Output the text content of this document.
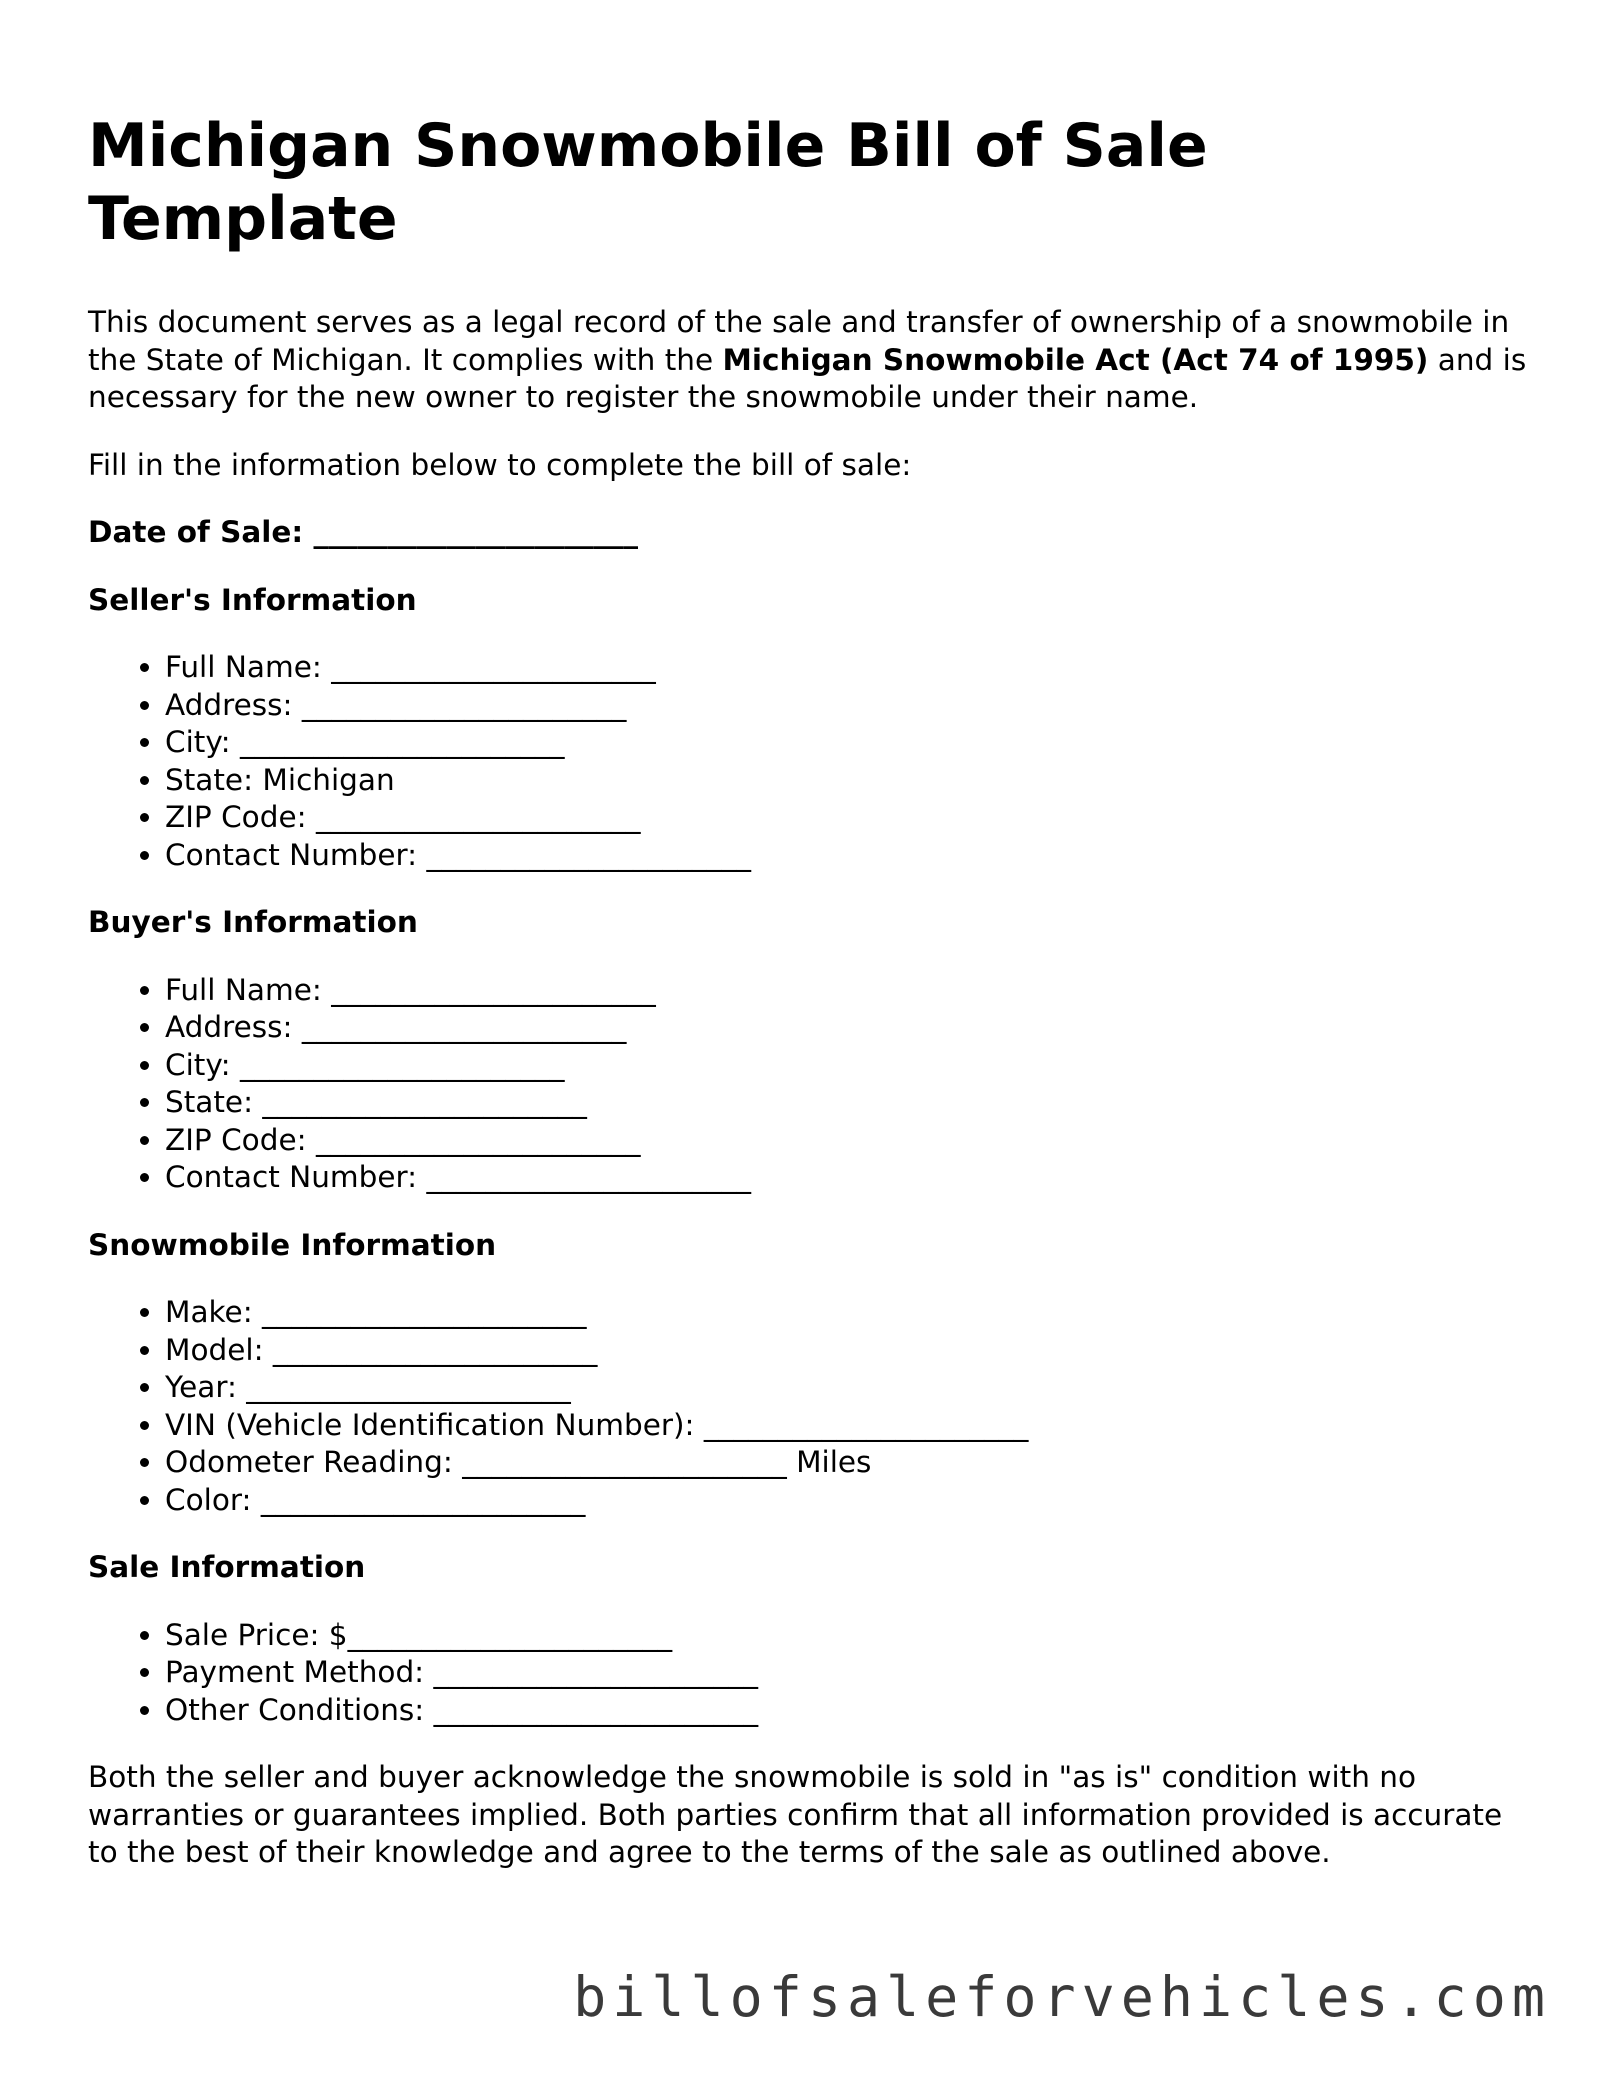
Michigan Snowmobile Bill of Sale Template

This document serves as a legal record of the sale and transfer of ownership of a snowmobile in the State of Michigan. It complies with the Michigan Snowmobile Act (Act 74 of 1995) and is necessary for the new owner to register the snowmobile under their name.

Fill in the information below to complete the bill of sale:

Date of Sale: ______________________
Seller's Information
• Full Name: ______________________
• Address: ______________________
• City: ______________________
• State: Michigan
• ZIP Code: ______________________
• Contact Number: ______________________
Buyer's Information
• Full Name: ______________________
• Address: ______________________
• City: ______________________
• State: ______________________
• ZIP Code: ______________________
• Contact Number: ______________________
Snowmobile Information
• Make: ______________________
• Model: ______________________
• Year: ______________________
• VIN (Vehicle Identification Number): ______________________
• Odometer Reading: ______________________ Miles
• Color: ______________________
Sale Information
• Sale Price: $______________________
• Payment Method: ______________________
• Other Conditions: ______________________

Both the seller and buyer acknowledge the snowmobile is sold in "as is" condition with no warranties or guarantees implied. Both parties confirm that all information provided is accurate to the best of their knowledge and agree to the terms of the sale as outlined above.

billofsaleforvehicles.com
